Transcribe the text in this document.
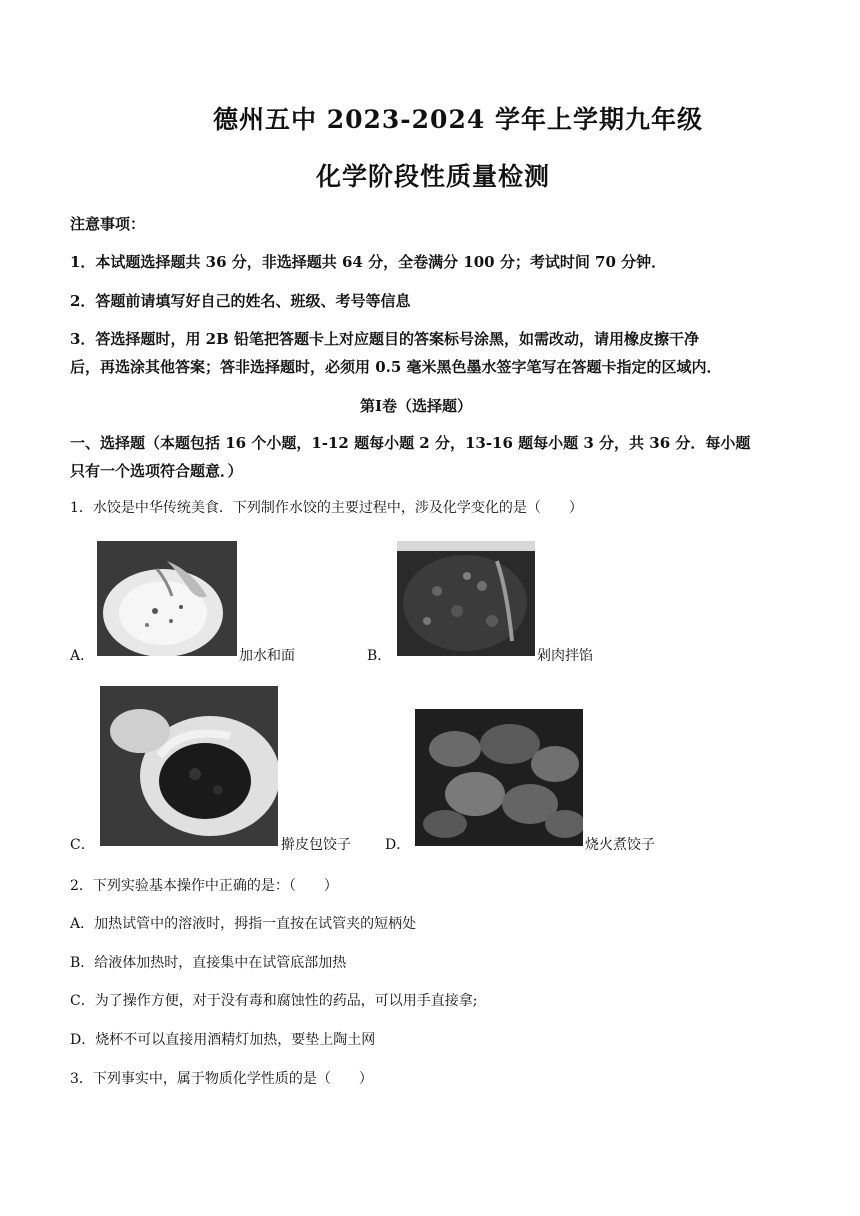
德州五中 2023-2024 学年上学期九年级
化学阶段性质量检测
注意事项：
1．本试题选择题共 36 分，非选择题共 64 分，全卷满分 100 分；考试时间 70 分钟．
2．答题前请填写好自己的姓名、班级、考号等信息
3．答选择题时，用 2B 铅笔把答题卡上对应题目的答案标号涂黑，如需改动，请用橡皮擦干净
后，再选涂其他答案；答非选择题时，必须用 0.5 毫米黑色墨水签字笔写在答题卡指定的区域内．
第Ⅰ卷（选择题）
一、选择题（本题包括 16 个小题，1-12 题每小题 2 分，13-16 题每小题 3 分，共 36 分．每小题
只有一个选项符合题意．）
1．水饺是中华传统美食．下列制作水饺的主要过程中，涉及化学变化的是（　　）
A．	加水和面	B．	剁肉拌馅
C．	擀皮包饺子 D．	烧火煮饺子
2．下列实验基本操作中正确的是：（　　）
A．加热试管中的溶液时，拇指一直按在试管夹的短柄处
B．给液体加热时，直接集中在试管底部加热
C．为了操作方便，对于没有毒和腐蚀性的药品，可以用手直接拿;
D．烧杯不可以直接用酒精灯加热，要垫上陶土网
3．下列事实中，属于物质化学性质的是（　　）
